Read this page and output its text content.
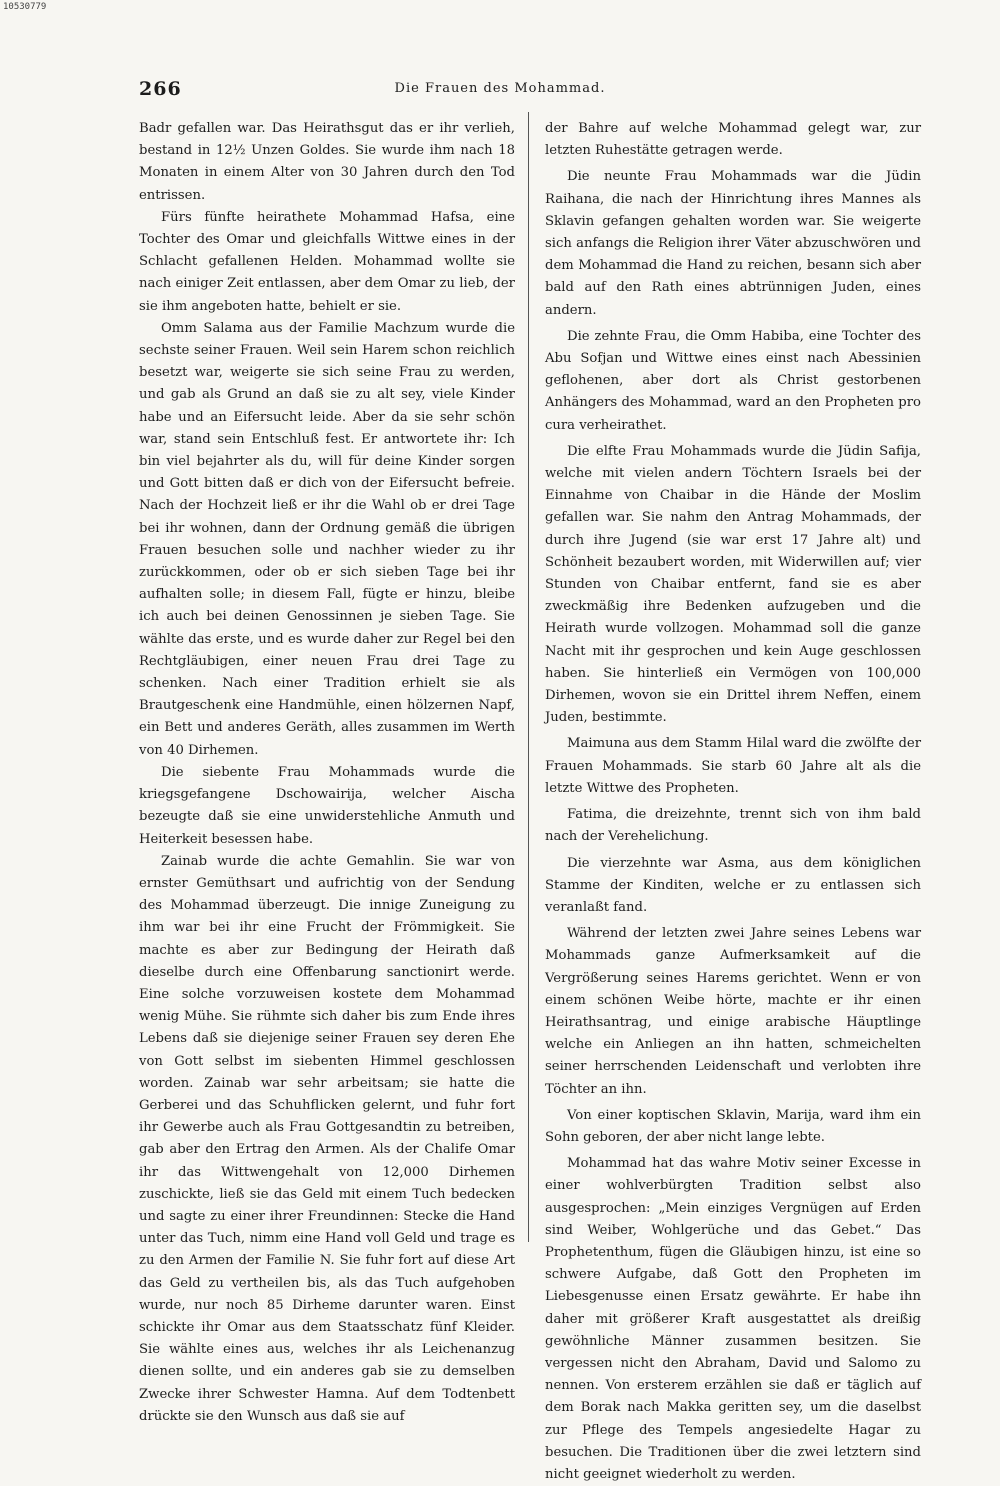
10530779
266	Die Frauen des Mohammad.

Badr gefallen war. Das Heirathsgut das er ihr verlieh, bestand in 12½ Unzen Goldes. Sie wurde ihm nach 18 Monaten in einem Alter von 30 Jahren durch den Tod entrissen.

Fürs fünfte heirathete Mohammad Hafsa, eine Tochter des Omar und gleichfalls Wittwe eines in der Schlacht gefallenen Helden. Mohammad wollte sie nach einiger Zeit entlassen, aber dem Omar zu lieb, der sie ihm angeboten hatte, behielt er sie.

Omm Salama aus der Familie Machzum wurde die sechste seiner Frauen. Weil sein Harem schon reichlich besetzt war, weigerte sie sich seine Frau zu werden, und gab als Grund an daß sie zu alt sey, viele Kinder habe und an Eifersucht leide. Aber da sie sehr schön war, stand sein Entschluß fest. Er antwortete ihr: Ich bin viel bejahrter als du, will für deine Kinder sorgen und Gott bitten daß er dich von der Eifersucht befreie. Nach der Hochzeit ließ er ihr die Wahl ob er drei Tage bei ihr wohnen, dann der Ordnung gemäß die übrigen Frauen besuchen solle und nachher wieder zu ihr zurückkommen, oder ob er sich sieben Tage bei ihr aufhalten solle; in diesem Fall, fügte er hinzu, bleibe ich auch bei deinen Genossinnen je sieben Tage. Sie wählte das erste, und es wurde daher zur Regel bei den Rechtgläubigen, einer neuen Frau drei Tage zu schenken. Nach einer Tradition erhielt sie als Brautgeschenk eine Handmühle, einen hölzernen Napf, ein Bett und anderes Geräth, alles zusammen im Werth von 40 Dirhemen.

Die siebente Frau Mohammads wurde die kriegsgefangene Dschowairija, welcher Aischa bezeugte daß sie eine unwiderstehliche Anmuth und Heiterkeit besessen habe.

Zainab wurde die achte Gemahlin. Sie war von ernster Gemüthsart und aufrichtig von der Sendung des Mohammad überzeugt. Die innige Zuneigung zu ihm war bei ihr eine Frucht der Frömmigkeit. Sie machte es aber zur Bedingung der Heirath daß dieselbe durch eine Offenbarung sanctionirt werde. Eine solche vorzuweisen kostete dem Mohammad wenig Mühe. Sie rühmte sich daher bis zum Ende ihres Lebens daß sie diejenige seiner Frauen sey deren Ehe von Gott selbst im siebenten Himmel geschlossen worden. Zainab war sehr arbeitsam; sie hatte die Gerberei und das Schuhflicken gelernt, und fuhr fort ihr Gewerbe auch als Frau Gottgesandtin zu betreiben, gab aber den Ertrag den Armen. Als der Chalife Omar ihr das Wittwengehalt von 12,000 Dirhemen zuschickte, ließ sie das Geld mit einem Tuch bedecken und sagte zu einer ihrer Freundinnen: Stecke die Hand unter das Tuch, nimm eine Hand voll Geld und trage es zu den Armen der Familie N. Sie fuhr fort auf diese Art das Geld zu vertheilen bis, als das Tuch aufgehoben wurde, nur noch 85 Dirheme darunter waren. Einst schickte ihr Omar aus dem Staatsschatz fünf Kleider. Sie wählte eines aus, welches ihr als Leichenanzug dienen sollte, und ein anderes gab sie zu demselben Zwecke ihrer Schwester Hamna. Auf dem Todtenbett drückte sie den Wunsch aus daß sie auf

der Bahre auf welche Mohammad gelegt war, zur letzten Ruhestätte getragen werde.

Die neunte Frau Mohammads war die Jüdin Raihana, die nach der Hinrichtung ihres Mannes als Sklavin gefangen gehalten worden war. Sie weigerte sich anfangs die Religion ihrer Väter abzuschwören und dem Mohammad die Hand zu reichen, besann sich aber bald auf den Rath eines abtrünnigen Juden, eines andern.

Die zehnte Frau, die Omm Habiba, eine Tochter des Abu Sofjan und Wittwe eines einst nach Abessinien geflohenen, aber dort als Christ gestorbenen Anhängers des Mohammad, ward an den Propheten pro cura verheirathet.

Die elfte Frau Mohammads wurde die Jüdin Safija, welche mit vielen andern Töchtern Israels bei der Einnahme von Chaibar in die Hände der Moslim gefallen war. Sie nahm den Antrag Mohammads, der durch ihre Jugend (sie war erst 17 Jahre alt) und Schönheit bezaubert worden, mit Widerwillen auf; vier Stunden von Chaibar entfernt, fand sie es aber zweckmäßig ihre Bedenken aufzugeben und die Heirath wurde vollzogen. Mohammad soll die ganze Nacht mit ihr gesprochen und kein Auge geschlossen haben. Sie hinterließ ein Vermögen von 100,000 Dirhemen, wovon sie ein Drittel ihrem Neffen, einem Juden, bestimmte.

Maimuna aus dem Stamm Hilal ward die zwölfte der Frauen Mohammads. Sie starb 60 Jahre alt als die letzte Wittwe des Propheten.

Fatima, die dreizehnte, trennt sich von ihm bald nach der Verehelichung.

Die vierzehnte war Asma, aus dem königlichen Stamme der Kinditen, welche er zu entlassen sich veranlaßt fand.

Während der letzten zwei Jahre seines Lebens war Mohammads ganze Aufmerksamkeit auf die Vergrößerung seines Harems gerichtet. Wenn er von einem schönen Weibe hörte, machte er ihr einen Heirathsantrag, und einige arabische Häuptlinge welche ein Anliegen an ihn hatten, schmeichelten seiner herrschenden Leidenschaft und verlobten ihre Töchter an ihn.

Von einer koptischen Sklavin, Marija, ward ihm ein Sohn geboren, der aber nicht lange lebte.

Mohammad hat das wahre Motiv seiner Excesse in einer wohlverbürgten Tradition selbst also ausgesprochen: „Mein einziges Vergnügen auf Erden sind Weiber, Wohlgerüche und das Gebet.“ Das Prophetenthum, fügen die Gläubigen hinzu, ist eine so schwere Aufgabe, daß Gott den Propheten im Liebesgenusse einen Ersatz gewährte. Er habe ihn daher mit größerer Kraft ausgestattet als dreißig gewöhnliche Männer zusammen besitzen. Sie vergessen nicht den Abraham, David und Salomo zu nennen. Von ersterem erzählen sie daß er täglich auf dem Borak nach Makka geritten sey, um die daselbst zur Pflege des Tempels angesiedelte Hagar zu besuchen. Die Traditionen über die zwei letztern sind nicht geeignet wiederholt zu werden.
